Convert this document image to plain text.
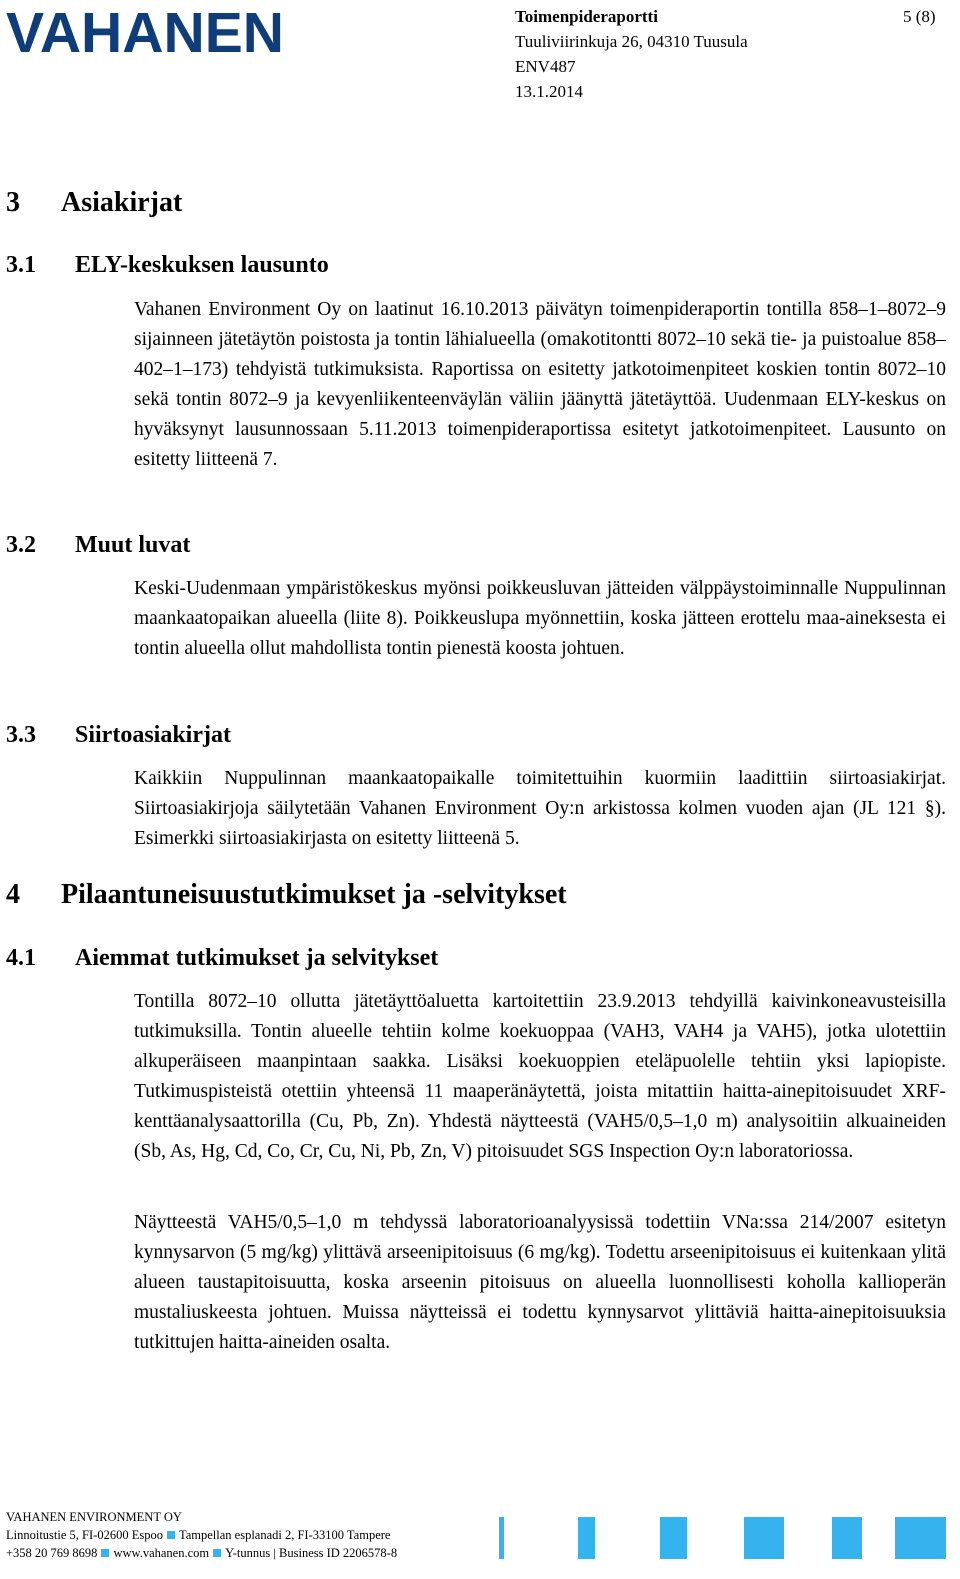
VAHANEN	Toimenpideraportti
Tuuliviirinkuja 26, 04310 Tuusula
ENV487
13.1.2014
5 (8)
3 Asiakirjat
3.1 ELY-keskuksen lausunto
Vahanen Environment Oy on laatinut 16.10.2013 päivätyn toimenpideraportin tontilla 858–1–8072–9 sijainneen jätetäytön poistosta ja tontin lähialueella (omakotitontti 8072–10 sekä tie- ja puistoalue 858–402–1–173) tehdyistä tutkimuksista. Raportissa on esitetty jatkotoimenpiteet koskien tontin 8072–10 sekä tontin 8072–9 ja kevyenliikenteenväylän väliin jäänyttä jätetäyttöä. Uudenmaan ELY-keskus on hyväksynyt lausunnossaan 5.11.2013 toimenpideraportissa esitetyt jatkotoimenpiteet. Lausunto on esitetty liitteenä 7.
3.2 Muut luvat
Keski-Uudenmaan ympäristökeskus myönsi poikkeusluvan jätteiden välppäystoiminnalle Nuppulinnan maankaatopaikan alueella (liite 8). Poikkeuslupa myönnettiin, koska jätteen erottelu maa-aineksesta ei tontin alueella ollut mahdollista tontin pienestä koosta johtuen.
3.3 Siirtoasiakirjat
Kaikkiin Nuppulinnan maankaatopaikalle toimitettuihin kuormiin laadittiin siirtoasiakirjat. Siirtoasiakirjoja säilytetään Vahanen Environment Oy:n arkistossa kolmen vuoden ajan (JL 121 §). Esimerkki siirtoasiakirjasta on esitetty liitteenä 5.
4 Pilaantuneisuustutkimukset ja -selvitykset
4.1 Aiemmat tutkimukset ja selvitykset
Tontilla 8072–10 ollutta jätetäyttöaluetta kartoitettiin 23.9.2013 tehdyillä kaivinkoneavusteisilla tutkimuksilla. Tontin alueelle tehtiin kolme koekuoppaa (VAH3, VAH4 ja VAH5), jotka ulotettiin alkuperäiseen maanpintaan saakka. Lisäksi koekuoppien eteläpuolelle tehtiin yksi lapiopiste. Tutkimuspisteistä otettiin yhteensä 11 maaperänäytettä, joista mitattiin haitta-ainepitoisuudet XRF-kenttäanalysaattorilla (Cu, Pb, Zn). Yhdestä näytteestä (VAH5/0,5–1,0 m) analysoitiin alkuaineiden (Sb, As, Hg, Cd, Co, Cr, Cu, Ni, Pb, Zn, V) pitoisuudet SGS Inspection Oy:n laboratoriossa.
Näytteestä VAH5/0,5–1,0 m tehdyssä laboratorioanalyysissä todettiin VNa:ssa 214/2007 esitetyn kynnysarvon (5 mg/kg) ylittävä arseenipitoisuus (6 mg/kg). Todettu arseenipitoisuus ei kuitenkaan ylitä alueen taustapitoisuutta, koska arseenin pitoisuus on alueella luonnollisesti koholla kallioperän mustaliuskeesta johtuen. Muissa näytteissä ei todettu kynnysarvot ylittäviä haitta-ainepitoisuuksia tutkittujen haitta-aineiden osalta.
VAHANEN ENVIRONMENT OY
Linnoitustie 5, FI-02600 Espoo Tampellan esplanadi 2, FI-33100 Tampere
+358 20 769 8698 www.vahanen.com Y-tunnus | Business ID 2206578-8
